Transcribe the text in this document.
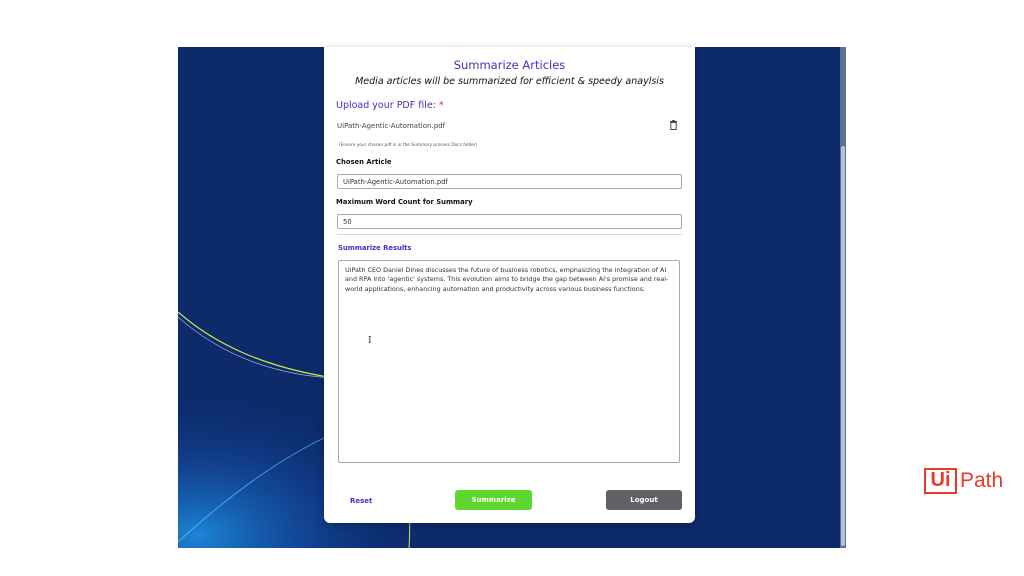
Summarize Articles
Media articles will be summarized for efficient & speedy anaylsis
Upload your PDF file: *
UiPath-Agentic-Automation.pdf
(Ensure your chosen pdf is in the Summary process Docs folder)
Chosen Article
UiPath-Agentic-Automation.pdf
Maximum Word Count for Summary
50
Summarize Results
UiPath CEO Daniel Dines discusses the future of business robotics, emphasizing the integration of AI and RPA into 'agentic' systems. This evolution aims to bridge the gap between AI's promise and real-world applications, enhancing automation and productivity across various business functions.
I
Reset	Summarize	Logout
Ui Path
